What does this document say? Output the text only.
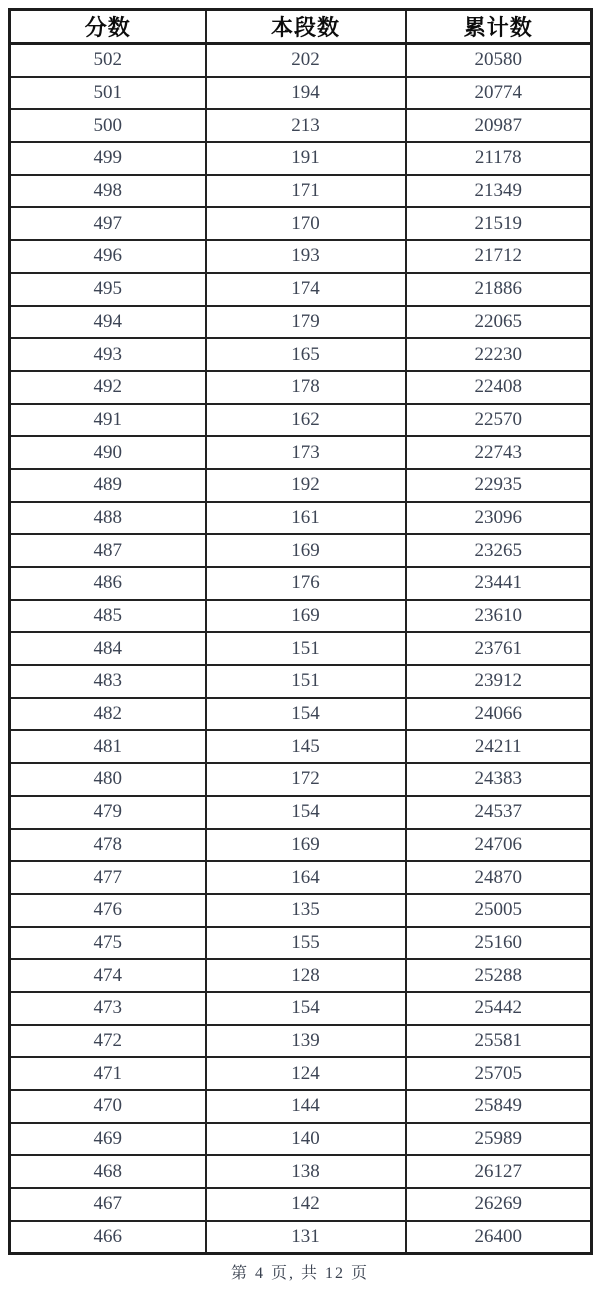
分数	本段数	累计数
502	202	20580
501	194	20774
500	213	20987
499	191	21178
498	171	21349
497	170	21519
496	193	21712
495	174	21886
494	179	22065
493	165	22230
492	178	22408
491	162	22570
490	173	22743
489	192	22935
488	161	23096
487	169	23265
486	176	23441
485	169	23610
484	151	23761
483	151	23912
482	154	24066
481	145	24211
480	172	24383
479	154	24537
478	169	24706
477	164	24870
476	135	25005
475	155	25160
474	128	25288
473	154	25442
472	139	25581
471	124	25705
470	144	25849
469	140	25989
468	138	26127
467	142	26269
466	131	26400
第 4 页, 共 12 页
